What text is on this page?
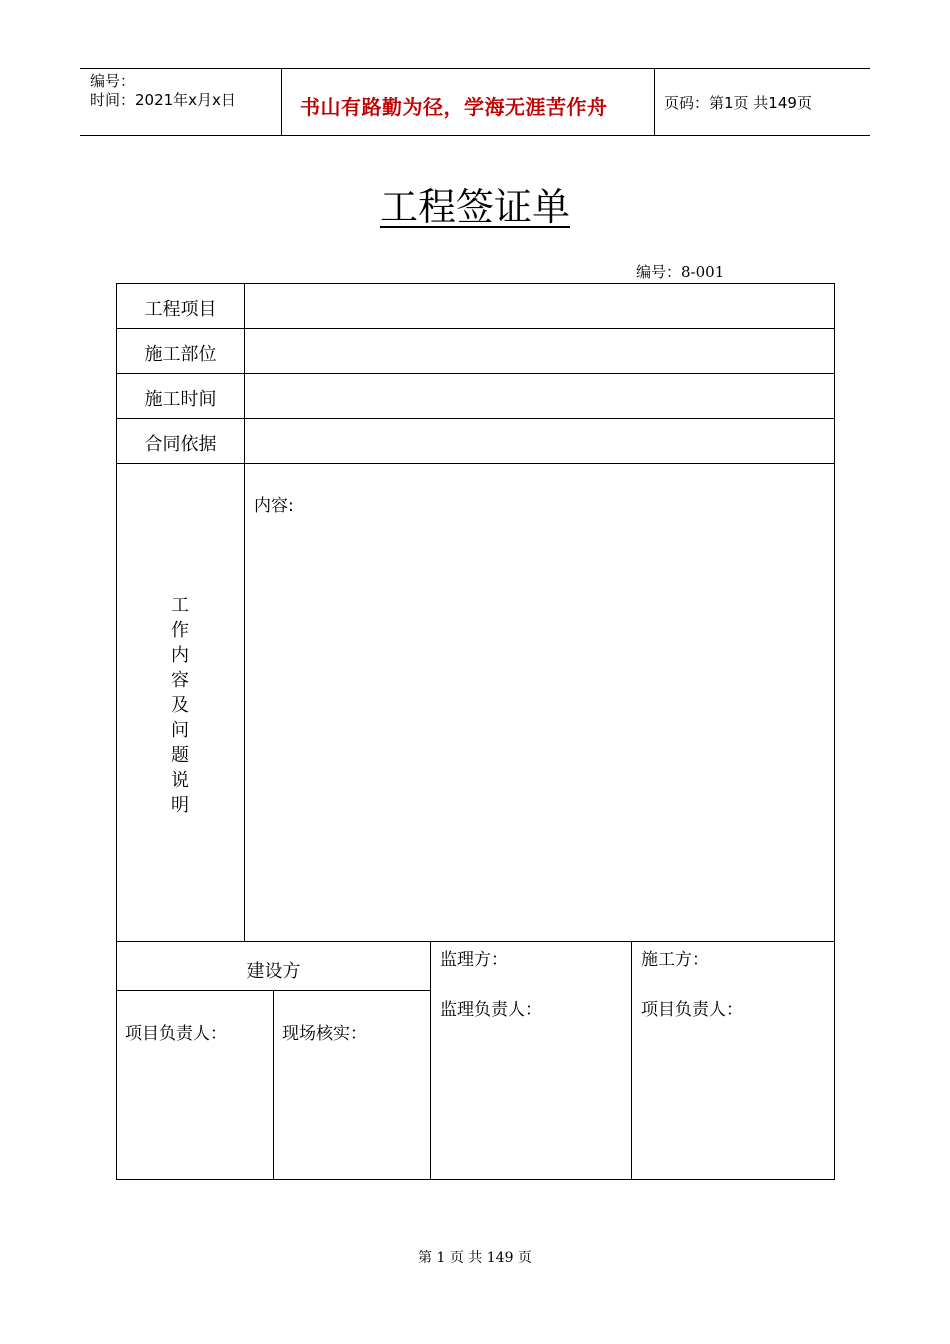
编号：
时间：2021年x月x日	书山有路勤为径，学海无涯苦作舟	页码：第1页 共149页
工程签证单
编号：8-001
工程项目
施工部位
施工时间
合同依据
工作内容及问题说明
内容:
建设方
项目负责人：	现场核实：
监理方：
监理负责人：
施工方：
项目负责人：
第 1 页 共 149 页
